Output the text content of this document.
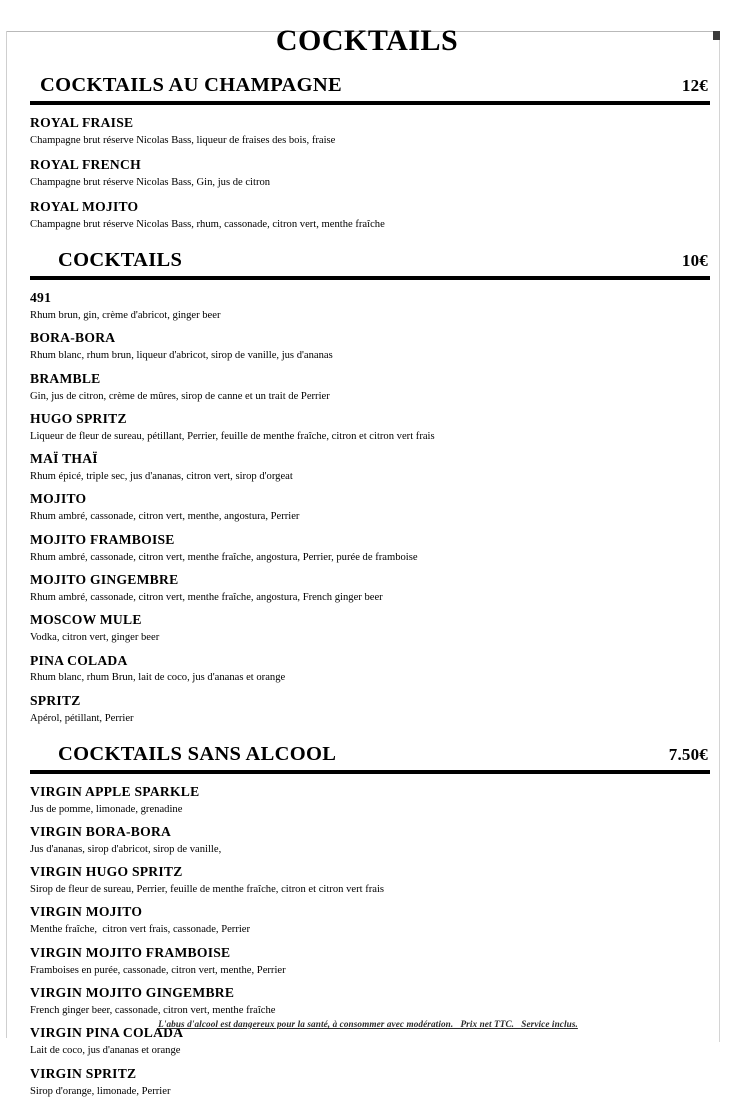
COCKTAILS
COCKTAILS AU CHAMPAGNE	12€
ROYAL FRAISE
Champagne brut réserve Nicolas Bass, liqueur de fraises des bois, fraise
ROYAL FRENCH
Champagne brut réserve Nicolas Bass, Gin, jus de citron
ROYAL MOJITO
Champagne brut réserve Nicolas Bass, rhum, cassonade, citron vert, menthe fraîche
COCKTAILS	10€
491
Rhum brun, gin, crème d'abricot, ginger beer
BORA-BORA
Rhum blanc, rhum brun, liqueur d'abricot, sirop de vanille, jus d'ananas
BRAMBLE
Gin, jus de citron, crème de mûres, sirop de canne et un trait de Perrier
HUGO SPRITZ
Liqueur de fleur de sureau, pétillant, Perrier, feuille de menthe fraîche, citron et citron vert frais
MAÏ THAÏ
Rhum épicé, triple sec, jus d'ananas, citron vert, sirop d'orgeat
MOJITO
Rhum ambré, cassonade, citron vert, menthe, angostura, Perrier
MOJITO FRAMBOISE
Rhum ambré, cassonade, citron vert, menthe fraîche, angostura, Perrier, purée de framboise
MOJITO GINGEMBRE
Rhum ambré, cassonade, citron vert, menthe fraîche, angostura, French ginger beer
MOSCOW MULE
Vodka, citron vert, ginger beer
PINA COLADA
Rhum blanc, rhum Brun, lait de coco, jus d'ananas et orange
SPRITZ
Apérol, pétillant, Perrier
COCKTAILS SANS ALCOOL	7.50€
VIRGIN APPLE SPARKLE
Jus de pomme, limonade, grenadine
VIRGIN BORA-BORA
Jus d'ananas, sirop d'abricot, sirop de vanille,
VIRGIN HUGO SPRITZ
Sirop de fleur de sureau, Perrier, feuille de menthe fraîche, citron et citron vert frais
VIRGIN MOJITO
Menthe fraîche,  citron vert frais, cassonade, Perrier
VIRGIN MOJITO FRAMBOISE
Framboises en purée, cassonade, citron vert, menthe, Perrier
VIRGIN MOJITO GINGEMBRE
French ginger beer, cassonade, citron vert, menthe fraîche
VIRGIN PINA COLADA
Lait de coco, jus d'ananas et orange
VIRGIN SPRITZ
Sirop d'orange, limonade, Perrier
L'abus d'alcool est dangereux pour la santé, à consommer avec modération.   Prix net TTC.   Service inclus.
